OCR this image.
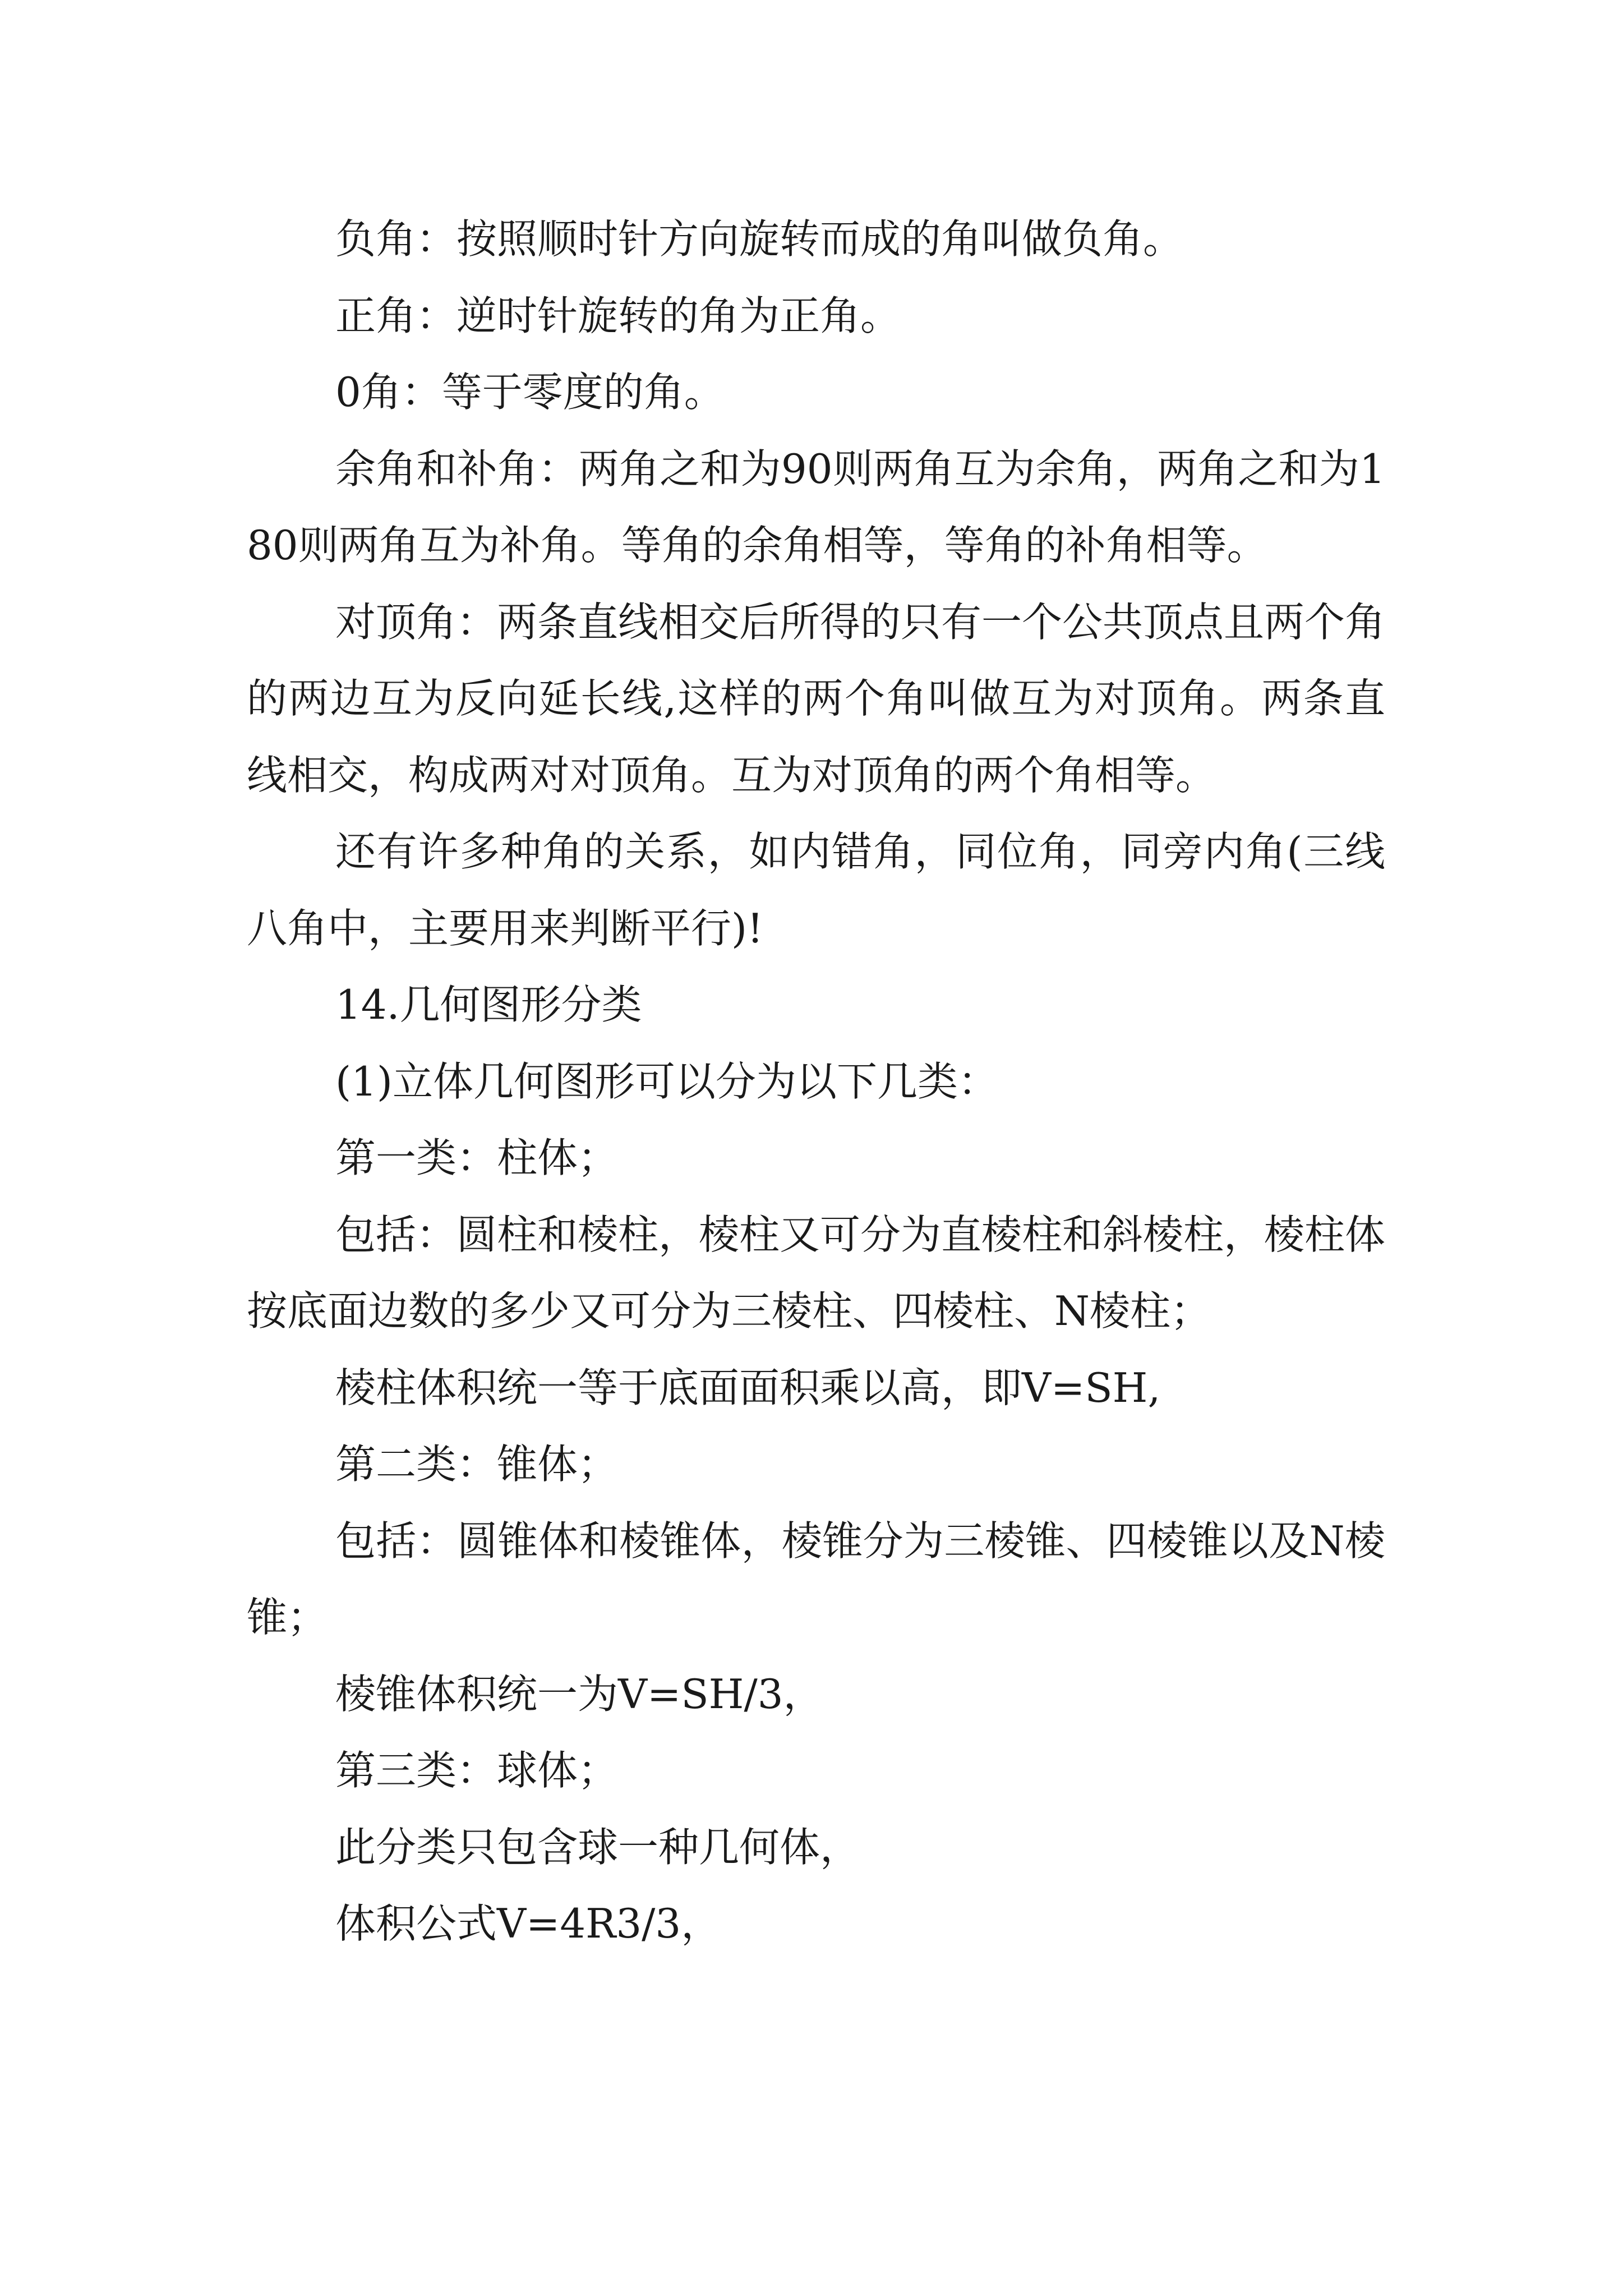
负角：按照顺时针方向旋转而成的角叫做负角。

正角：逆时针旋转的角为正角。

0角：等于零度的角。

余角和补角：两角之和为90则两角互为余角，两角之和为180则两角互为补角。等角的余角相等，等角的补角相等。

对顶角：两条直线相交后所得的只有一个公共顶点且两个角的两边互为反向延长线,这样的两个角叫做互为对顶角。两条直线相交，构成两对对顶角。互为对顶角的两个角相等。

还有许多种角的关系，如内错角，同位角，同旁内角(三线八角中，主要用来判断平行)!

14.几何图形分类

(1)立体几何图形可以分为以下几类：

第一类：柱体；

包括：圆柱和棱柱，棱柱又可分为直棱柱和斜棱柱，棱柱体按底面边数的多少又可分为三棱柱、四棱柱、N棱柱；

棱柱体积统一等于底面面积乘以高，即V=SH,

第二类：锥体；

包括：圆锥体和棱锥体，棱锥分为三棱锥、四棱锥以及N棱锥；

棱锥体积统一为V=SH/3，

第三类：球体；

此分类只包含球一种几何体，

体积公式V=4R3/3，
